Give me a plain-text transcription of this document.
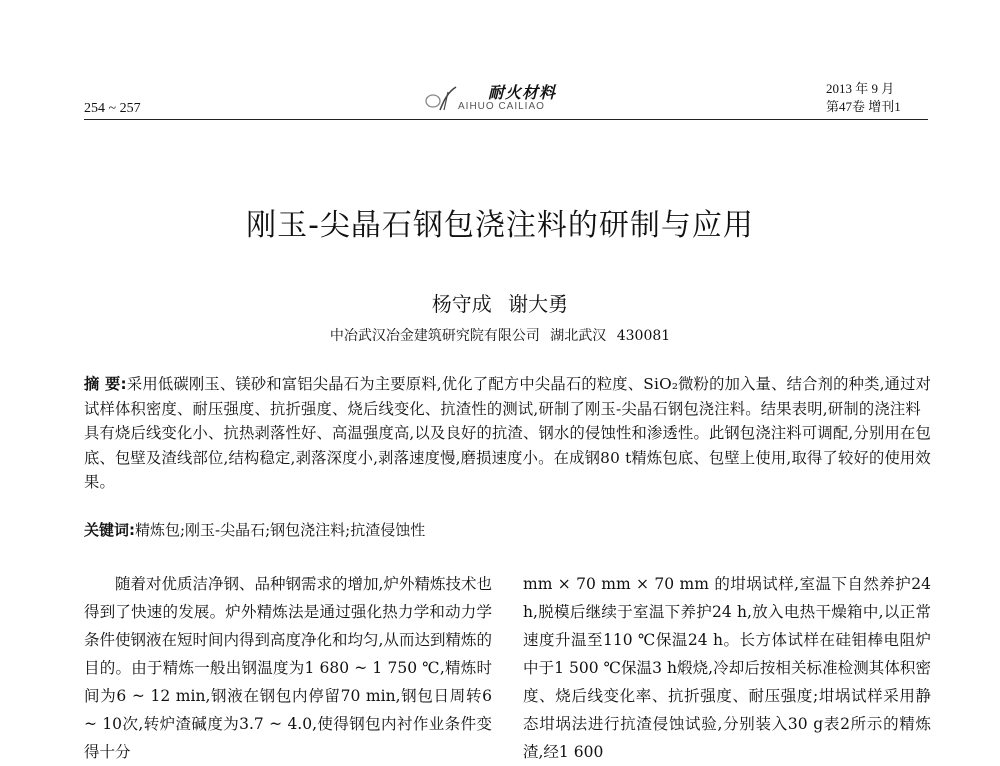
254 ~ 257
耐火材料
AIHUO CAILIAO
2013 年 9 月
第47卷 增刊1
刚玉-尖晶石钢包浇注料的研制与应用
杨守成 谢大勇
中冶武汉冶金建筑研究院有限公司 湖北武汉 430081
摘 要:采用低碳刚玉、镁砂和富铝尖晶石为主要原料,优化了配方中尖晶石的粒度、SiO₂微粉的加入量、结合剂的种类,通过对试样体积密度、耐压强度、抗折强度、烧后线变化、抗渣性的测试,研制了刚玉-尖晶石钢包浇注料。结果表明,研制的浇注料具有烧后线变化小、抗热剥落性好、高温强度高,以及良好的抗渣、钢水的侵蚀性和渗透性。此钢包浇注料可调配,分别用在包底、包壁及渣线部位,结构稳定,剥落深度小,剥落速度慢,磨损速度小。在成钢80 t精炼包底、包壁上使用,取得了较好的使用效果。
关键词:精炼包;刚玉-尖晶石;钢包浇注料;抗渣侵蚀性

随着对优质洁净钢、品种钢需求的增加,炉外精炼技术也得到了快速的发展。炉外精炼法是通过强化热力学和动力学条件使钢液在短时间内得到高度净化和均匀,从而达到精炼的目的。由于精炼一般出钢温度为1 680 ~ 1 750 ℃,精炼时间为6 ~ 12 min,钢液在钢包内停留70 min,钢包日周转6 ~ 10次,转炉渣碱度为3.7 ~ 4.0,使得钢包内衬作业条件变得十分

mm × 70 mm × 70 mm 的坩埚试样,室温下自然养护24 h,脱模后继续于室温下养护24 h,放入电热干燥箱中,以正常速度升温至110 ℃保温24 h。长方体试样在硅钼棒电阻炉中于1 500 ℃保温3 h煅烧,冷却后按相关标准检测其体积密度、烧后线变化率、抗折强度、耐压强度;坩埚试样采用静态坩埚法进行抗渣侵蚀试验,分别装入30 g表2所示的精炼渣,经1 600
